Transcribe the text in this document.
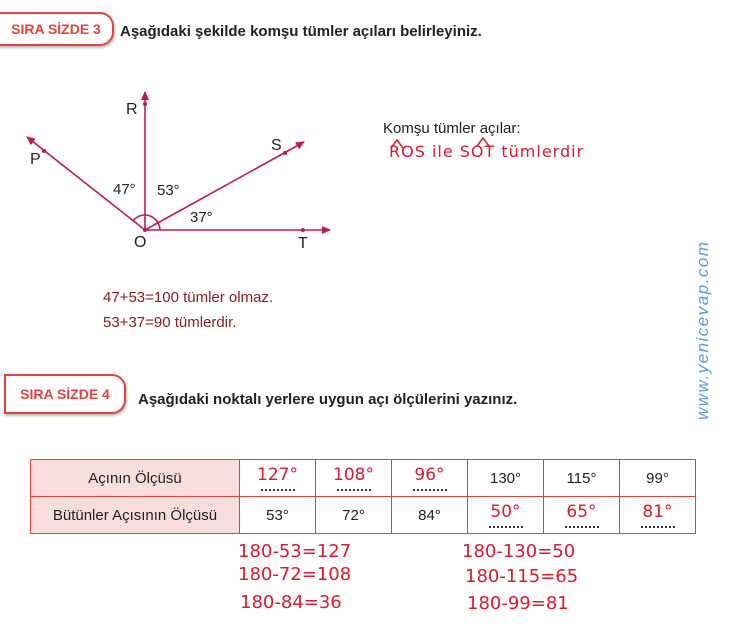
SIRA SİZDE 3	Aşağıdaki şekilde komşu tümler açıları belirleyiniz.
R
P
S
O	T
47° 53°
37°
Komşu tümler açılar:
ROS ile SOT tümlerdir
47+53=100 tümler olmaz.
53+37=90 tümlerdir.	www.yenicevap.com
SIRA SİZDE 4	Aşağıdaki noktalı yerlere uygun açı ölçülerini yazınız.
Açının Ölçüsü	127°	108°	96°	130°	115°	99°
Bütünler Açısının Ölçüsü	53°	72°	84°	50°	65°	81°
180-53=127
180-72=108
180-84=36
180-130=50
180-115=65
180-99=81
